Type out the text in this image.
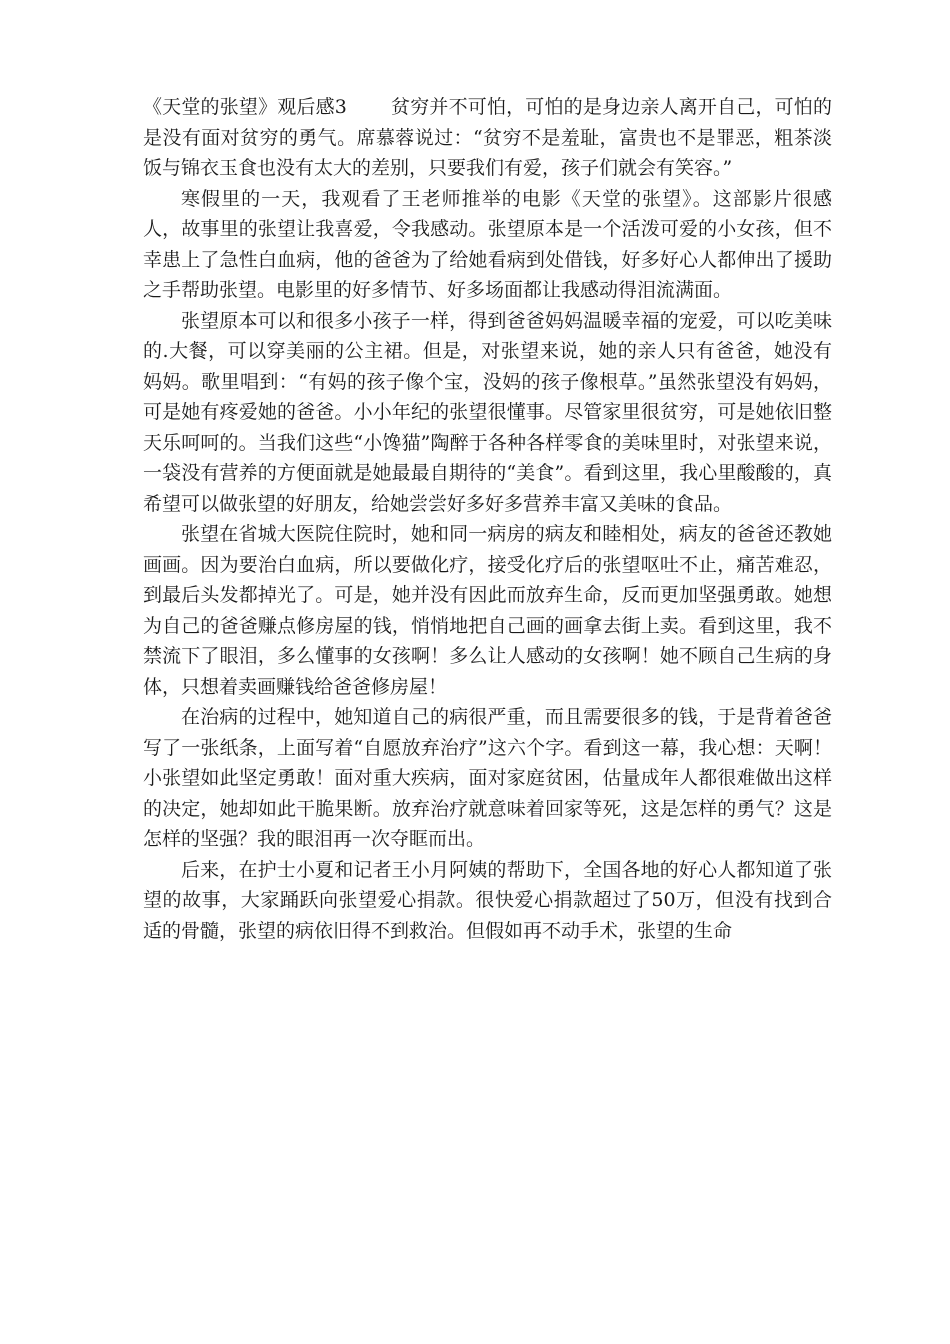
《天堂的张望》观后感3 贫穷并不可怕，可怕的是身边亲人离开自己，可怕的是没有面对贫穷的勇气。席慕蓉说过：“贫穷不是羞耻，富贵也不是罪恶，粗茶淡饭与锦衣玉食也没有太大的差别，只要我们有爱，孩子们就会有笑容。”

寒假里的一天，我观看了王老师推举的电影《天堂的张望》。这部影片很感人，故事里的张望让我喜爱，令我感动。张望原本是一个活泼可爱的小女孩，但不幸患上了急性白血病，他的爸爸为了给她看病到处借钱，好多好心人都伸出了援助之手帮助张望。电影里的好多情节、好多场面都让我感动得泪流满面。

张望原本可以和很多小孩子一样，得到爸爸妈妈温暖幸福的宠爱，可以吃美味的.大餐，可以穿美丽的公主裙。但是，对张望来说，她的亲人只有爸爸，她没有妈妈。歌里唱到：“有妈的孩子像个宝，没妈的孩子像根草。”虽然张望没有妈妈，可是她有疼爱她的爸爸。小小年纪的张望很懂事。尽管家里很贫穷，可是她依旧整天乐呵呵的。当我们这些“小馋猫”陶醉于各种各样零食的美味里时，对张望来说，一袋没有营养的方便面就是她最最自期待的“美食”。看到这里，我心里酸酸的，真希望可以做张望的好朋友，给她尝尝好多好多营养丰富又美味的食品。

张望在省城大医院住院时，她和同一病房的病友和睦相处，病友的爸爸还教她画画。因为要治白血病，所以要做化疗，接受化疗后的张望呕吐不止，痛苦难忍，到最后头发都掉光了。可是，她并没有因此而放弃生命，反而更加坚强勇敢。她想为自己的爸爸赚点修房屋的钱，悄悄地把自己画的画拿去街上卖。看到这里，我不禁流下了眼泪，多么懂事的女孩啊！多么让人感动的女孩啊！她不顾自己生病的身体，只想着卖画赚钱给爸爸修房屋！

在治病的过程中，她知道自己的病很严重，而且需要很多的钱，于是背着爸爸写了一张纸条，上面写着“自愿放弃治疗”这六个字。看到这一幕，我心想：天啊！小张望如此坚定勇敢！面对重大疾病，面对家庭贫困，估量成年人都很难做出这样的决定，她却如此干脆果断。放弃治疗就意味着回家等死，这是怎样的勇气？这是怎样的坚强？我的眼泪再一次夺眶而出。

后来，在护士小夏和记者王小月阿姨的帮助下，全国各地的好心人都知道了张望的故事，大家踊跃向张望爱心捐款。很快爱心捐款超过了50万，但没有找到合适的骨髓，张望的病依旧得不到救治。但假如再不动手术，张望的生命
